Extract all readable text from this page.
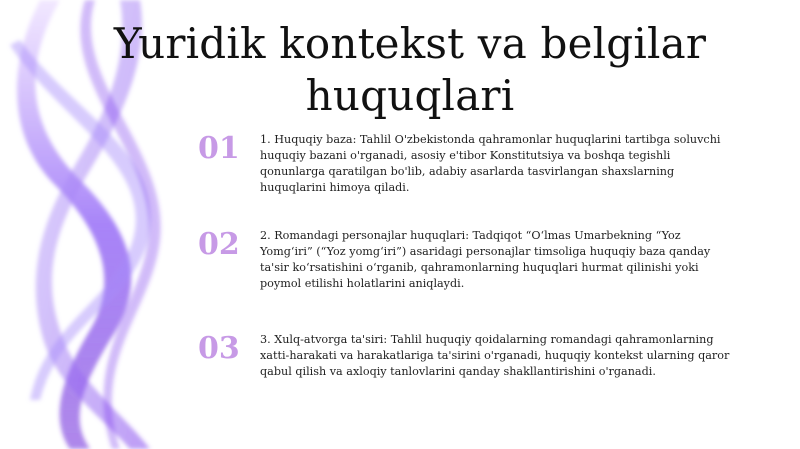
Yuridik kontekst va belgilar huquqlari
01	1. Huquqiy baza: Tahlil O'zbekistonda qahramonlar huquqlarini tartibga soluvchi huquqiy bazani o'rganadi, asosiy e'tibor Konstitutsiya va boshqa tegishli qonunlarga qaratilgan bo'lib, adabiy asarlarda tasvirlangan shaxslarning huquqlarini himoya qiladi.
02	2. Romandagi personajlar huquqlari: Tadqiqot “O‘lmas Umarbekning “Yoz Yomg‘iri” (“Yoz yomg‘iri”) asaridagi personajlar timsoliga huquqiy baza qanday ta'sir ko‘rsatishini o‘rganib, qahramonlarning huquqlari hurmat qilinishi yoki poymol etilishi holatlarini aniqlaydi.
03	3. Xulq-atvorga ta'siri: Tahlil huquqiy qoidalarning romandagi qahramonlarning xatti-harakati va harakatlariga ta'sirini o'rganadi, huquqiy kontekst ularning qaror qabul qilish va axloqiy tanlovlarini qanday shakllantirishini o'rganadi.
